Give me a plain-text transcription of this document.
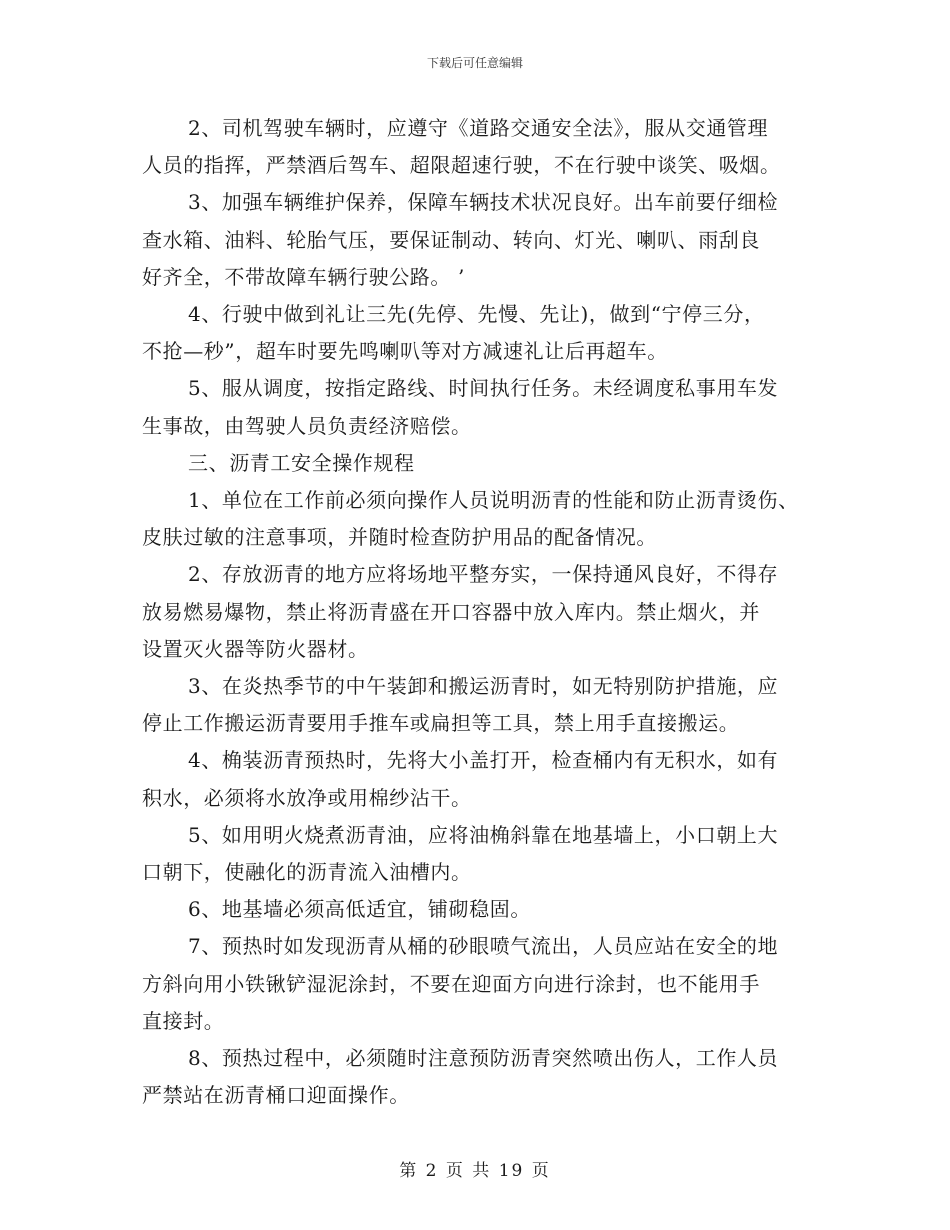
下载后可任意编辑
2、司机驾驶车辆时，应遵守《道路交通安全法》，服从交通管理
人员的指挥，严禁酒后驾车、超限超速行驶，不在行驶中谈笑、吸烟。
3、加强车辆维护保养，保障车辆技术状况良好。出车前要仔细检
查水箱、油料、轮胎气压，要保证制动、转向、灯光、喇叭、雨刮良
好齐全，不带故障车辆行驶公路。 ’
4、行驶中做到礼让三先(先停、先慢、先让)，做到“宁停三分，
不抢—秒”，超车时要先鸣喇叭等对方减速礼让后再超车。
5、服从调度，按指定路线、时间执行任务。未经调度私事用车发
生事故，由驾驶人员负责经济赔偿。
三、沥青工安全操作规程
1、单位在工作前必须向操作人员说明沥青的性能和防止沥青烫伤、
皮肤过敏的注意事项，并随时检查防护用品的配备情况。
2、存放沥青的地方应将场地平整夯实，一保持通风良好，不得存
放易燃易爆物，禁止将沥青盛在开口容器中放入库内。禁止烟火，并
设置灭火器等防火器材。
3、在炎热季节的中午装卸和搬运沥青时，如无特别防护措施，应
停止工作搬运沥青要用手推车或扁担等工具，禁上用手直接搬运。
4、桷装沥青预热时，先将大小盖打开，检查桶内有无积水，如有
积水，必须将水放净或用棉纱沾干。
5、如用明火烧煮沥青油，应将油桷斜靠在地基墙上，小口朝上大
口朝下，使融化的沥青流入油槽内。
6、地基墙必须高低适宜，铺砌稳固。
7、预热时如发现沥青从桶的砂眼喷气流出，人员应站在安全的地
方斜向用小铁锹铲湿泥涂封，不要在迎面方向进行涂封，也不能用手
直接封。
8、预热过程中，必须随时注意预防沥青突然喷出伤人，工作人员
严禁站在沥青桶口迎面操作。
第 2 页 共 19 页
